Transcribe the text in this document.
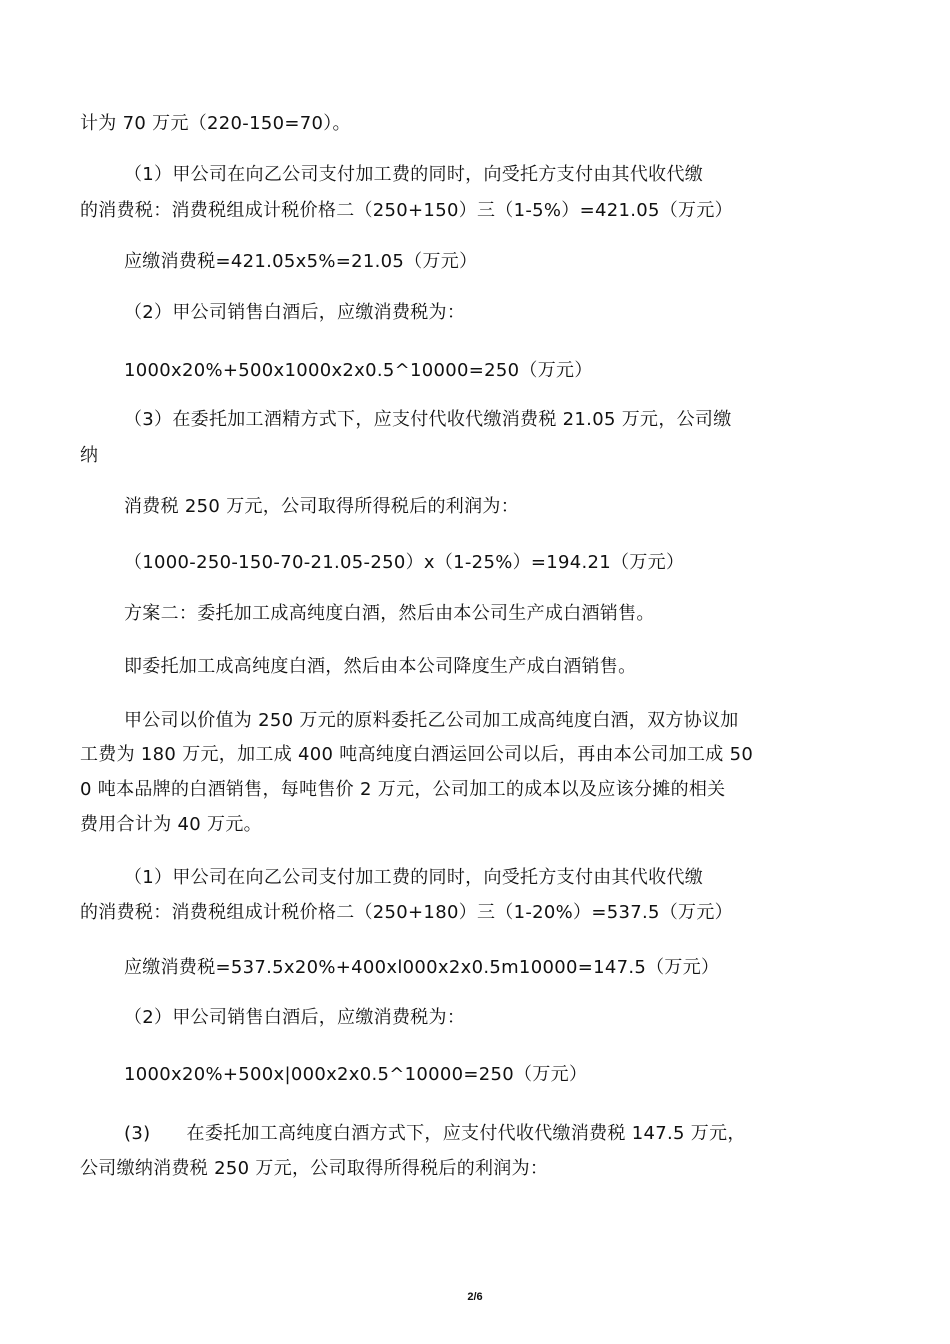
计为 70 万元（220-150=70）。
（1）甲公司在向乙公司支付加工费的同时，向受托方支付由其代收代缴
的消费税：消费税组成计税价格二（250+150）三（1-5%）=421.05（万元）
应缴消费税=421.05x5%=21.05（万元）
（2）甲公司销售白酒后，应缴消费税为：
1000x20%+500x1000x2x0.5^10000=250（万元）
（3）在委托加工酒精方式下，应支付代收代缴消费税 21.05 万元，公司缴
纳
消费税 250 万元，公司取得所得税后的利润为：
（1000-250-150-70-21.05-250）x（1-25%）=194.21（万元）
方案二：委托加工成高纯度白酒，然后由本公司生产成白酒销售。
即委托加工成高纯度白酒，然后由本公司降度生产成白酒销售。
甲公司以价值为 250 万元的原料委托乙公司加工成高纯度白酒，双方协议加
工费为 180 万元，加工成 400 吨高纯度白酒运回公司以后，再由本公司加工成 50
0 吨本品牌的白酒销售，每吨售价 2 万元，公司加工的成本以及应该分摊的相关
费用合计为 40 万元。
（1）甲公司在向乙公司支付加工费的同时，向受托方支付由其代收代缴
的消费税：消费税组成计税价格二（250+180）三（1-20%）=537.5（万元）
应缴消费税=537.5x20%+400xl000x2x0.5m10000=147.5（万元）
（2）甲公司销售白酒后，应缴消费税为：
1000x20%+500x|000x2x0.5^10000=250（万元）
(3)      在委托加工高纯度白酒方式下，应支付代收代缴消费税 147.5 万元，
公司缴纳消费税 250 万元，公司取得所得税后的利润为：
2/6
